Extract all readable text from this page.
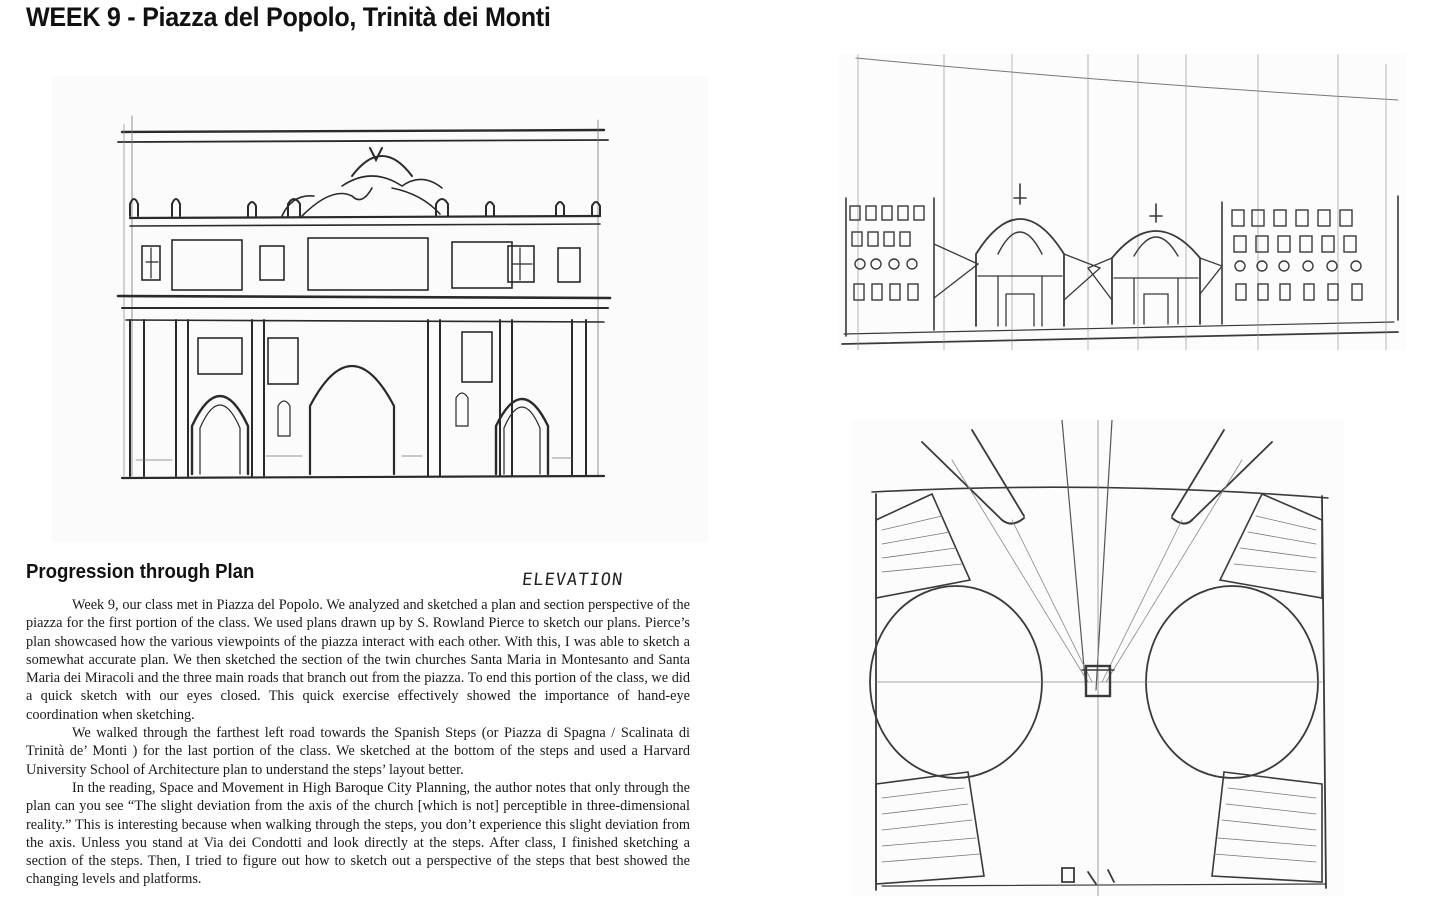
WEEK 9 - Piazza del Popolo, Trinità dei Monti

ELEVATION

Progression through Plan

Week 9, our class met in Piazza del Popolo. We analyzed and sketched a plan and section perspective of the piazza for the first portion of the class. We used plans drawn up by S. Rowland Pierce to sketch our plans. Pierce’s plan showcased how the various viewpoints of the piazza interact with each other. With this, I was able to sketch a somewhat accurate plan. We then sketched the section of the twin churches Santa Maria in Montesanto and Santa Maria dei Miracoli and the three main roads that branch out from the piazza. To end this portion of the class, we did a quick sketch with our eyes closed. This quick exercise effectively showed the importance of hand-eye coordination when sketching.

We walked through the farthest left road towards the Spanish Steps (or Piazza di Spagna / Scalinata di Trinità de’ Monti ) for the last portion of the class. We sketched at the bottom of the steps and used a Harvard University School of Architecture plan to understand the steps’ layout better.

In the reading, Space and Movement in High Baroque City Planning, the author notes that only through the plan can you see “The slight deviation from the axis of the church [which is not] perceptible in three-dimensional reality.” This is interesting because when walking through the steps, you don’t experience this slight deviation from the axis. Unless you stand at Via dei Condotti and look directly at the steps. After class, I finished sketching a section of the steps. Then, I tried to figure out how to sketch out a perspective of the steps that best showed the changing levels and platforms.
